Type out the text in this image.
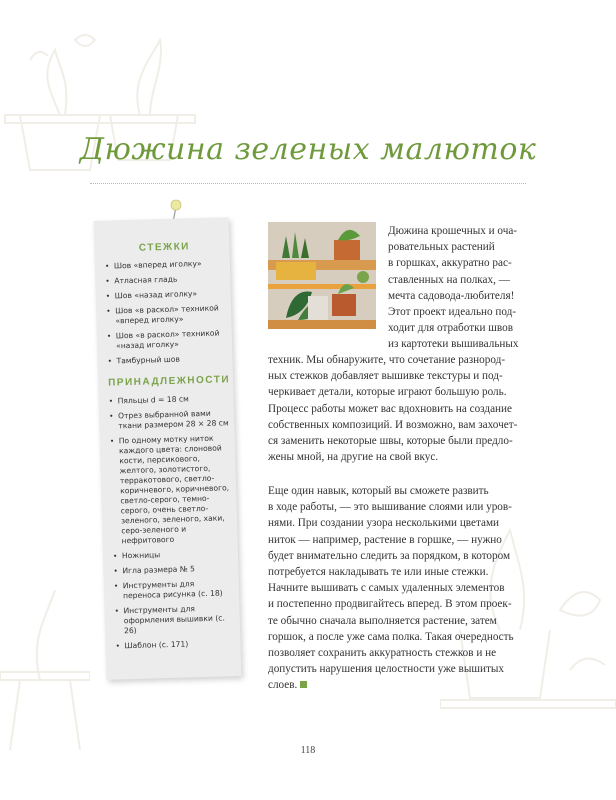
Дюжина зеленых малюток
СТЕЖКИ
• Шов «вперед иголку»
• Атласная гладь
• Шов «назад иголку»
• Шов «в раскол» техникой «вперед иголку»
• Шов «в раскол» техникой «назад иголку»
• Тамбурный шов
ПРИНАДЛЕЖНОСТИ
• Пяльцы d = 18 см
• Отрез выбранной вами ткани размером 28 × 28 см
• По одному мотку ниток каждого цвета: слоновой кости, персикового, желтого, золотистого, терракотового, светло-коричневого, коричневого, светло-серого, темно-серого, очень светло-зеленого, зеленого, хаки, серо-зеленого и нефритового
• Ножницы
• Игла размера № 5
• Инструменты для переноса рисунка (с. 18)
• Инструменты для оформления вышивки (с. 26)
• Шаблон (с. 171)
Дюжина крошечных и оча-
ровательных растений
в горшках, аккуратно рас-
ставленных на полках, —
мечта садовода-любителя!
Этот проект идеально под-
ходит для отработки швов
из картотеки вышивальных
техник. Мы обнаружите, что сочетание разнород-
ных стежков добавляет вышивке текстуры и под-
черкивает детали, которые играют большую роль.
Процесс работы может вас вдохновить на создание
собственных композиций. И возможно, вам захочет-
ся заменить некоторые швы, которые были предло-
жены мной, на другие на свой вкус.
Еще один навык, который вы сможете развить
в ходе работы, — это вышивание слоями или уров-
нями. При создании узора несколькими цветами
ниток — например, растение в горшке, — нужно
будет внимательно следить за порядком, в котором
потребуется накладывать те или иные стежки.
Начните вышивать с самых удаленных элементов
и постепенно продвигайтесь вперед. В этом проек-
те обычно сначала выполняется растение, затем
горшок, а после уже сама полка. Такая очередность
позволяет сохранить аккуратность стежков и не
допустить нарушения целостности уже вышитых
слоев.
118
